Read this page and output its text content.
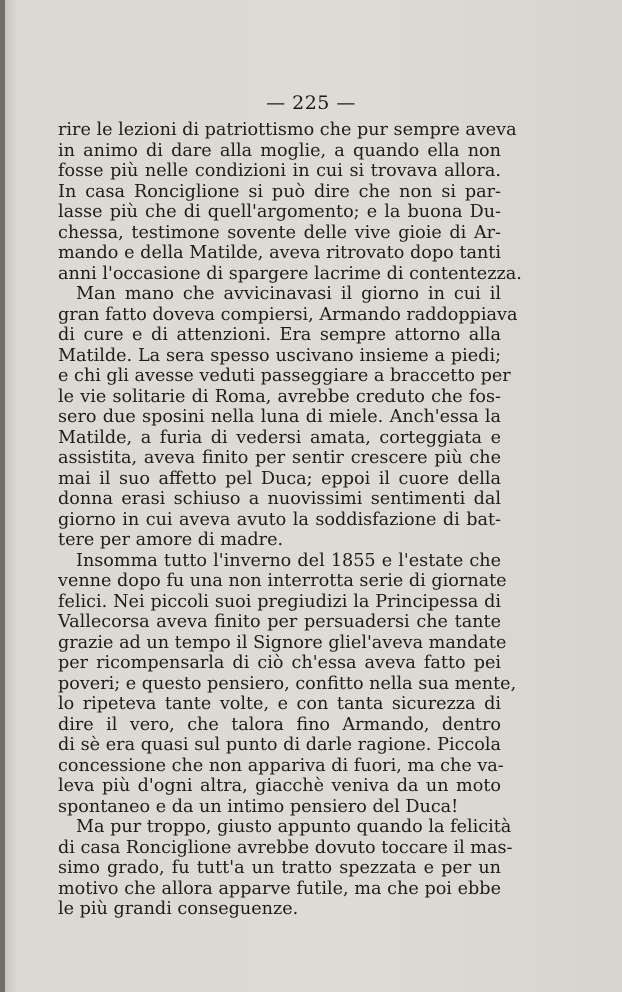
— 225 —
rire le lezioni di patriottismo che pur sempre aveva
in animo di dare alla moglie, a quando ella non
fosse più nelle condizioni in cui si trovava allora.
In casa Ronciglione si può dire che non si par-
lasse più che di quell'argomento; e la buona Du-
chessa, testimone sovente delle vive gioie di Ar-
mando e della Matilde, aveva ritrovato dopo tanti
anni l'occasione di spargere lacrime di contentezza.
Man mano che avvicinavasi il giorno in cui il
gran fatto doveva compiersi, Armando raddoppiava
di cure e di attenzioni. Era sempre attorno alla
Matilde. La sera spesso uscivano insieme a piedi;
e chi gli avesse veduti passeggiare a braccetto per
le vie solitarie di Roma, avrebbe creduto che fos-
sero due sposini nella luna di miele. Anch'essa la
Matilde, a furia di vedersi amata, corteggiata e
assistita, aveva finito per sentir crescere più che
mai il suo affetto pel Duca; eppoi il cuore della
donna erasi schiuso a nuovissimi sentimenti dal
giorno in cui aveva avuto la soddisfazione di bat-
tere per amore di madre.
Insomma tutto l'inverno del 1855 e l'estate che
venne dopo fu una non interrotta serie di giornate
felici. Nei piccoli suoi pregiudizi la Principessa di
Vallecorsa aveva finito per persuadersi che tante
grazie ad un tempo il Signore gliel'aveva mandate
per ricompensarla di ciò ch'essa aveva fatto pei
poveri; e questo pensiero, confitto nella sua mente,
lo ripeteva tante volte, e con tanta sicurezza di
dire il vero, che talora fino Armando, dentro
di sè era quasi sul punto di darle ragione. Piccola
concessione che non appariva di fuori, ma che va-
leva più d'ogni altra, giacchè veniva da un moto
spontaneo e da un intimo pensiero del Duca!
Ma pur troppo, giusto appunto quando la felicità
di casa Ronciglione avrebbe dovuto toccare il mas-
simo grado, fu tutt'a un tratto spezzata e per un
motivo che allora apparve futile, ma che poi ebbe
le più grandi conseguenze.
